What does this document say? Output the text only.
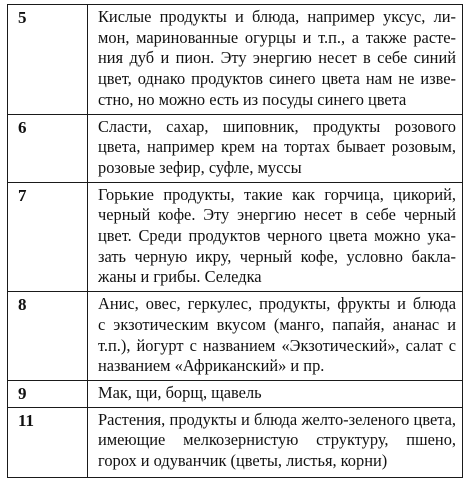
5	Кислые продукты и блюда, например уксус, ли-
мон, маринованные огурцы и т.п., а также расте-
ния дуб и пион. Эту энергию несет в себе синий
цвет, однако продуктов синего цвета нам не изве-
стно, но можно есть из посуды синего цвета

6	Сласти, сахар, шиповник, продукты розового
цвета, например крем на тортах бывает розовым,
розовые зефир, суфле, муссы

7	Горькие продукты, такие как горчица, цикорий,
черный кофе. Эту энергию несет в себе черный
цвет. Среди продуктов черного цвета можно ука-
зать черную икру, черный кофе, условно бакла-
жаны и грибы. Селедка

8	Анис, овес, геркулес, продукты, фрукты и блюда
с экзотическим вкусом (манго, папайя, ананас и
т.п.), йогурт с названием «Экзотический», салат с
названием «Африканский» и пр.

9	Мак, щи, борщ, щавель

11	Растения, продукты и блюда желто-зеленого цвета,
имеющие мелкозернистую структуру, пшено,
горох и одуванчик (цветы, листья, корни)
